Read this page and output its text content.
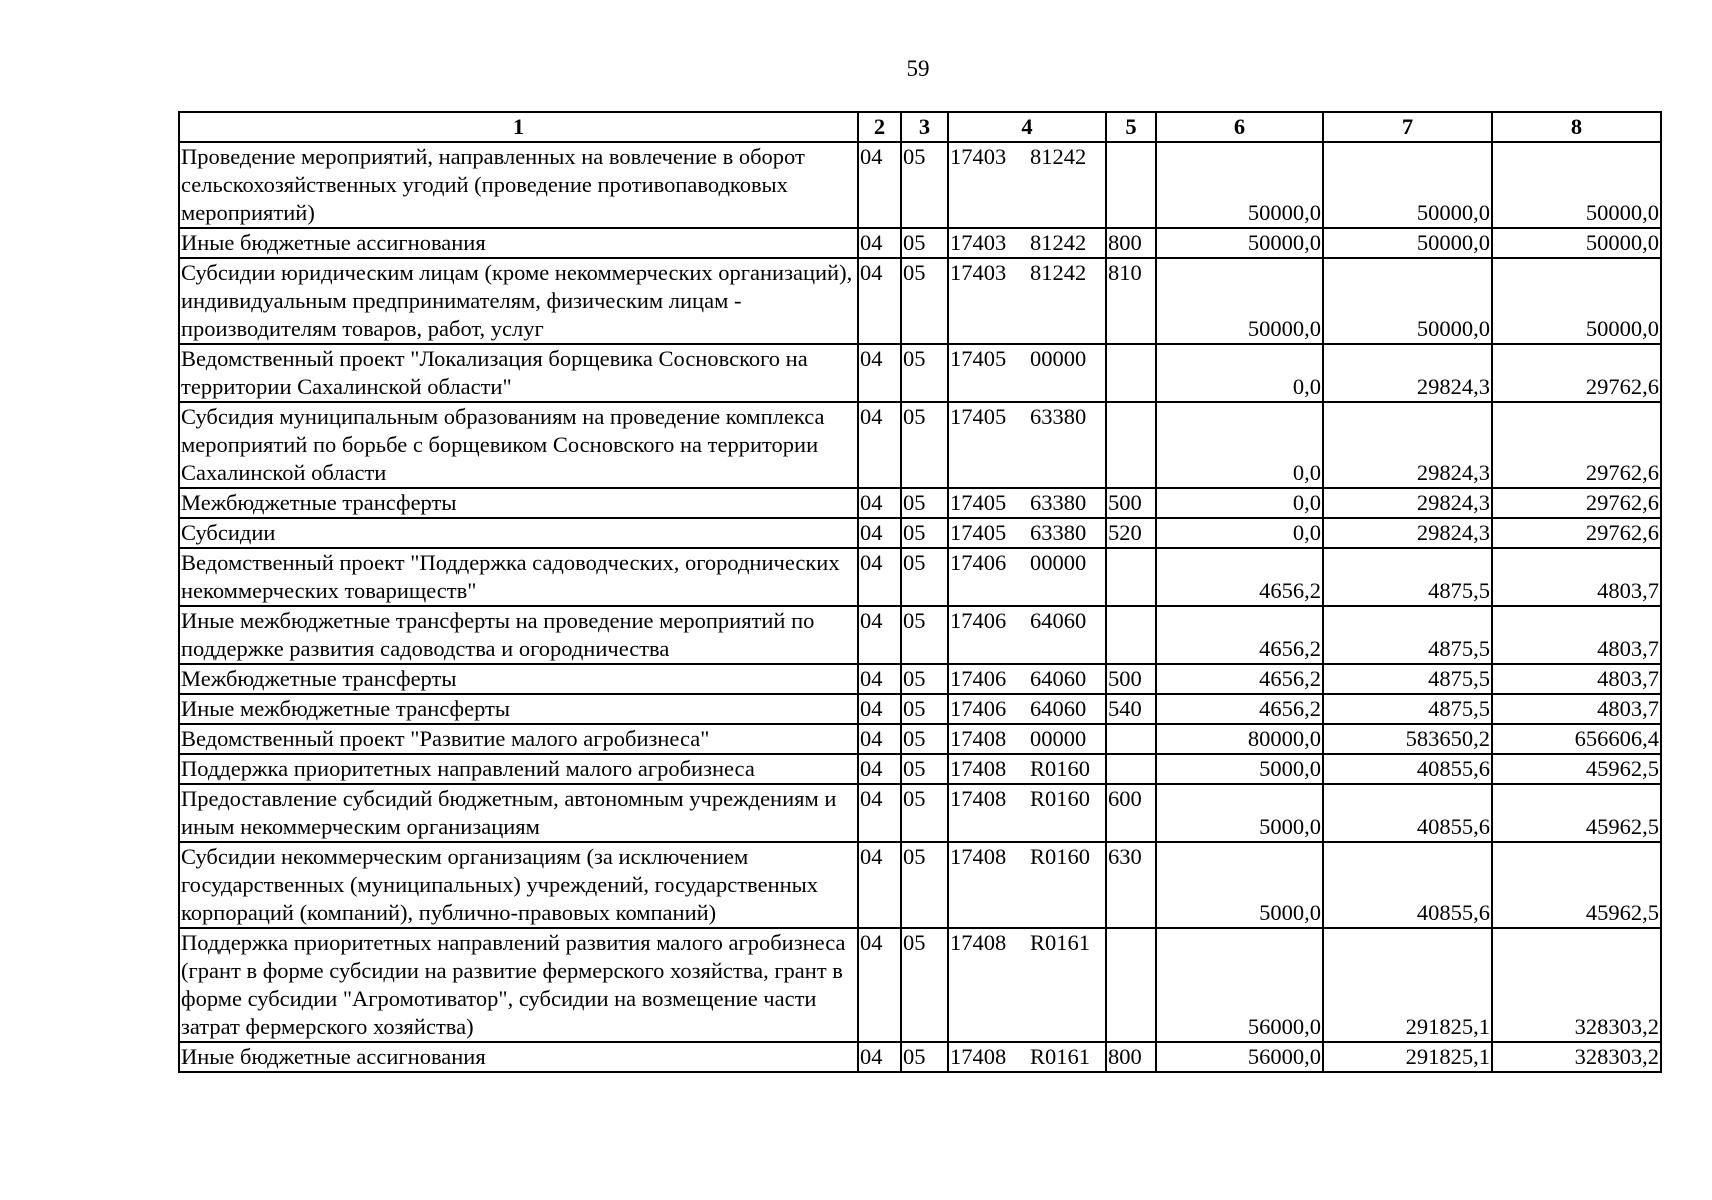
59
1	2	3	4	5	6	7	8
Проведение мероприятий, направленных на вовлечение в оборот сельскохозяйственных угодий (проведение противопаводковых мероприятий)	04	05	17403 81242		50000,0	50000,0	50000,0
Иные бюджетные ассигнования	04	05	17403 81242	800	50000,0	50000,0	50000,0
Субсидии юридическим лицам (кроме некоммерческих организаций), индивидуальным предпринимателям, физическим лицам - производителям товаров, работ, услуг	04	05	17403 81242	810	50000,0	50000,0	50000,0
Ведомственный проект "Локализация борщевика Сосновского на территории Сахалинской области"	04	05	17405 00000		0,0	29824,3	29762,6
Субсидия муниципальным образованиям на проведение комплекса мероприятий по борьбе с борщевиком Сосновского на территории Сахалинской области	04	05	17405 63380		0,0	29824,3	29762,6
Межбюджетные трансферты	04	05	17405 63380	500	0,0	29824,3	29762,6
Субсидии	04	05	17405 63380	520	0,0	29824,3	29762,6
Ведомственный проект "Поддержка садоводческих, огороднических некоммерческих товариществ"	04	05	17406 00000		4656,2	4875,5	4803,7
Иные межбюджетные трансферты на проведение мероприятий по поддержке развития садоводства и огородничества	04	05	17406 64060		4656,2	4875,5	4803,7
Межбюджетные трансферты	04	05	17406 64060	500	4656,2	4875,5	4803,7
Иные межбюджетные трансферты	04	05	17406 64060	540	4656,2	4875,5	4803,7
Ведомственный проект "Развитие малого агробизнеса"	04	05	17408 00000		80000,0	583650,2	656606,4
Поддержка приоритетных направлений малого агробизнеса	04	05	17408 R0160		5000,0	40855,6	45962,5
Предоставление субсидий бюджетным, автономным учреждениям и иным некоммерческим организациям	04	05	17408 R0160	600	5000,0	40855,6	45962,5
Субсидии некоммерческим организациям (за исключением государственных (муниципальных) учреждений, государственных корпораций (компаний), публично-правовых компаний)	04	05	17408 R0160	630	5000,0	40855,6	45962,5
Поддержка приоритетных направлений развития малого агробизнеса (грант в форме субсидии на развитие фермерского хозяйства, грант в форме субсидии "Агромотиватор", субсидии на возмещение части затрат фермерского хозяйства)	04	05	17408 R0161		56000,0	291825,1	328303,2
Иные бюджетные ассигнования	04	05	17408 R0161	800	56000,0	291825,1	328303,2
